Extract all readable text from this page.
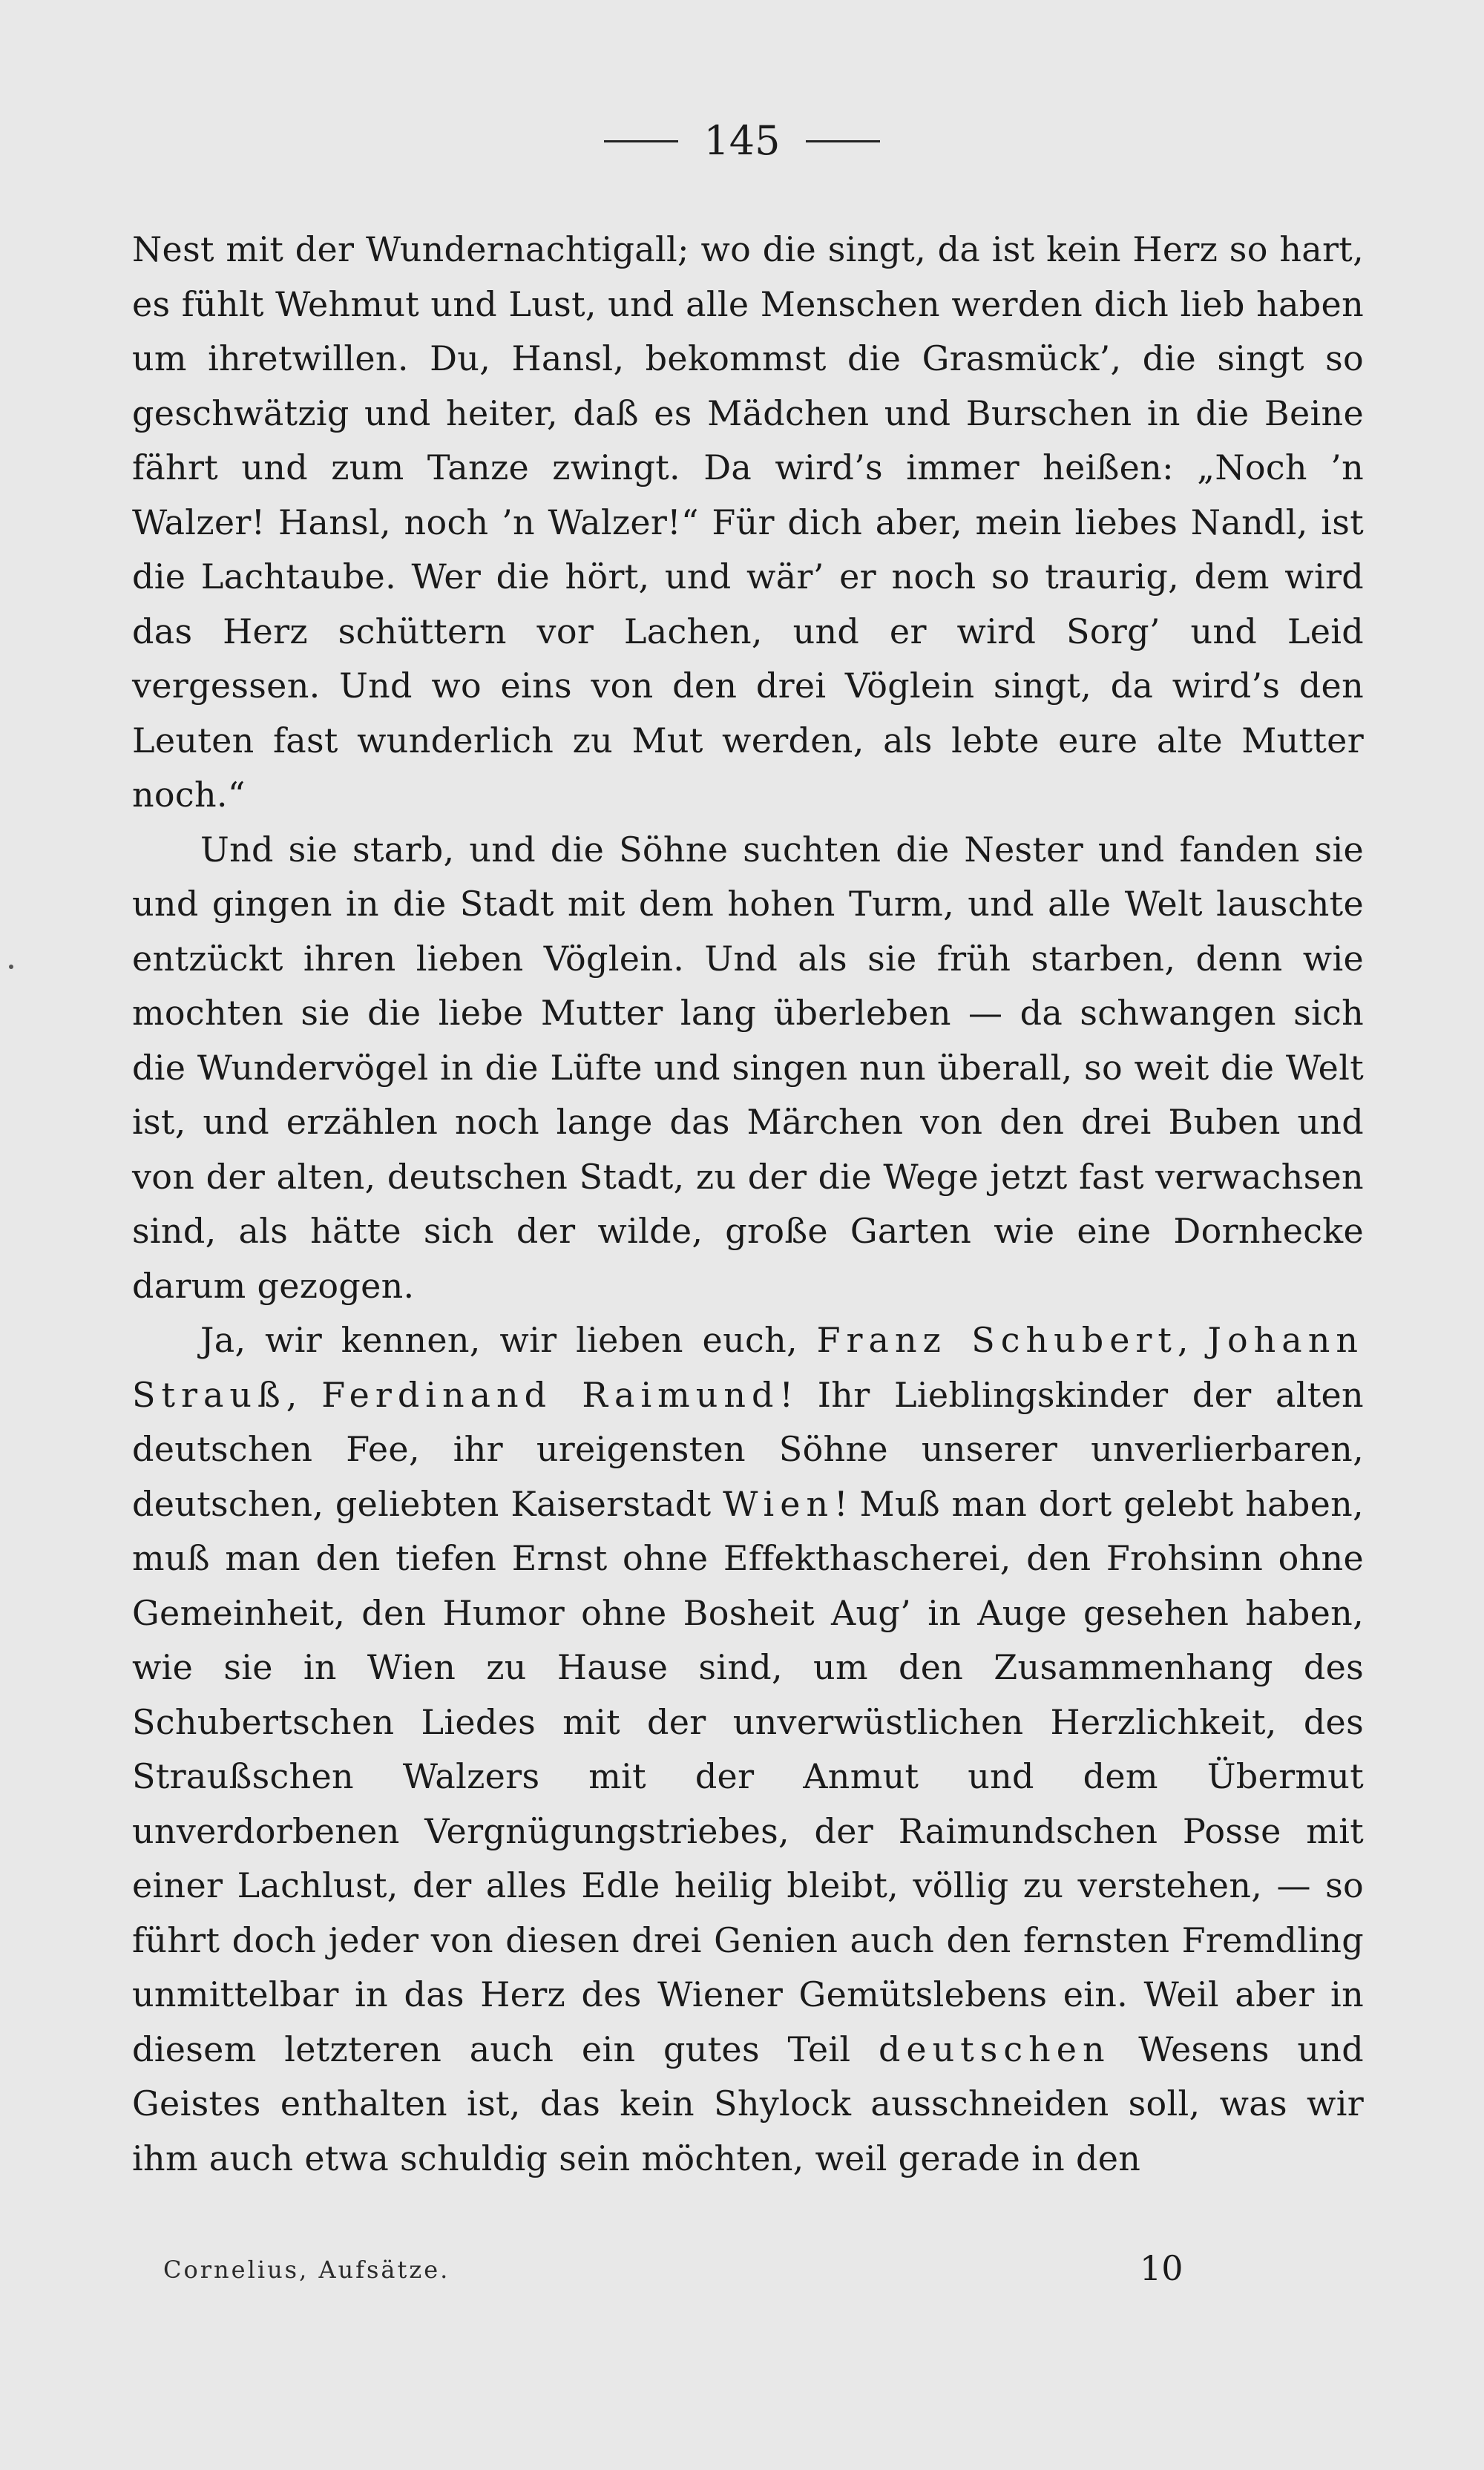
145

Nest mit der Wundernachtigall; wo die singt, da ist kein Herz so hart, es fühlt Wehmut und Lust, und alle Menschen werden dich lieb haben um ihretwillen. Du, Hansl, bekommst die Grasmück’, die singt so geschwätzig und heiter, daß es Mädchen und Burschen in die Beine fährt und zum Tanze zwingt. Da wird’s immer heißen: „Noch ’n Walzer! Hansl, noch ’n Walzer!“ Für dich aber, mein liebes Nandl, ist die Lachtaube. Wer die hört, und wär’ er noch so traurig, dem wird das Herz schüttern vor Lachen, und er wird Sorg’ und Leid vergessen. Und wo eins von den drei Vöglein singt, da wird’s den Leuten fast wunderlich zu Mut werden, als lebte eure alte Mutter noch.“

Und sie starb, und die Söhne suchten die Nester und fanden sie und gingen in die Stadt mit dem hohen Turm, und alle Welt lauschte entzückt ihren lieben Vöglein. Und als sie früh starben, denn wie mochten sie die liebe Mutter lang überleben — da schwangen sich die Wundervögel in die Lüfte und singen nun überall, so weit die Welt ist, und erzählen noch lange das Märchen von den drei Buben und von der alten, deutschen Stadt, zu der die Wege jetzt fast verwachsen sind, als hätte sich der wilde, große Garten wie eine Dornhecke darum gezogen.

Ja, wir kennen, wir lieben euch, Franz Schubert, Johann Strauß, Ferdinand Raimund! Ihr Lieblingskinder der alten deutschen Fee, ihr ureigensten Söhne unserer unverlierbaren, deutschen, geliebten Kaiserstadt Wien! Muß man dort gelebt haben, muß man den tiefen Ernst ohne Effekthascherei, den Frohsinn ohne Gemeinheit, den Humor ohne Bosheit Aug’ in Auge gesehen haben, wie sie in Wien zu Hause sind, um den Zusammenhang des Schubertschen Liedes mit der unverwüstlichen Herzlichkeit, des Straußschen Walzers mit der Anmut und dem Übermut unverdorbenen Vergnügungstriebes, der Raimundschen Posse mit einer Lachlust, der alles Edle heilig bleibt, völlig zu verstehen, — so führt doch jeder von diesen drei Genien auch den fernsten Fremdling unmittelbar in das Herz des Wiener Gemütslebens ein. Weil aber in diesem letzteren auch ein gutes Teil deutschen Wesens und Geistes enthalten ist, das kein Shylock ausschneiden soll, was wir ihm auch etwa schuldig sein möchten, weil gerade in den

Cornelius, Aufsätze.	10
